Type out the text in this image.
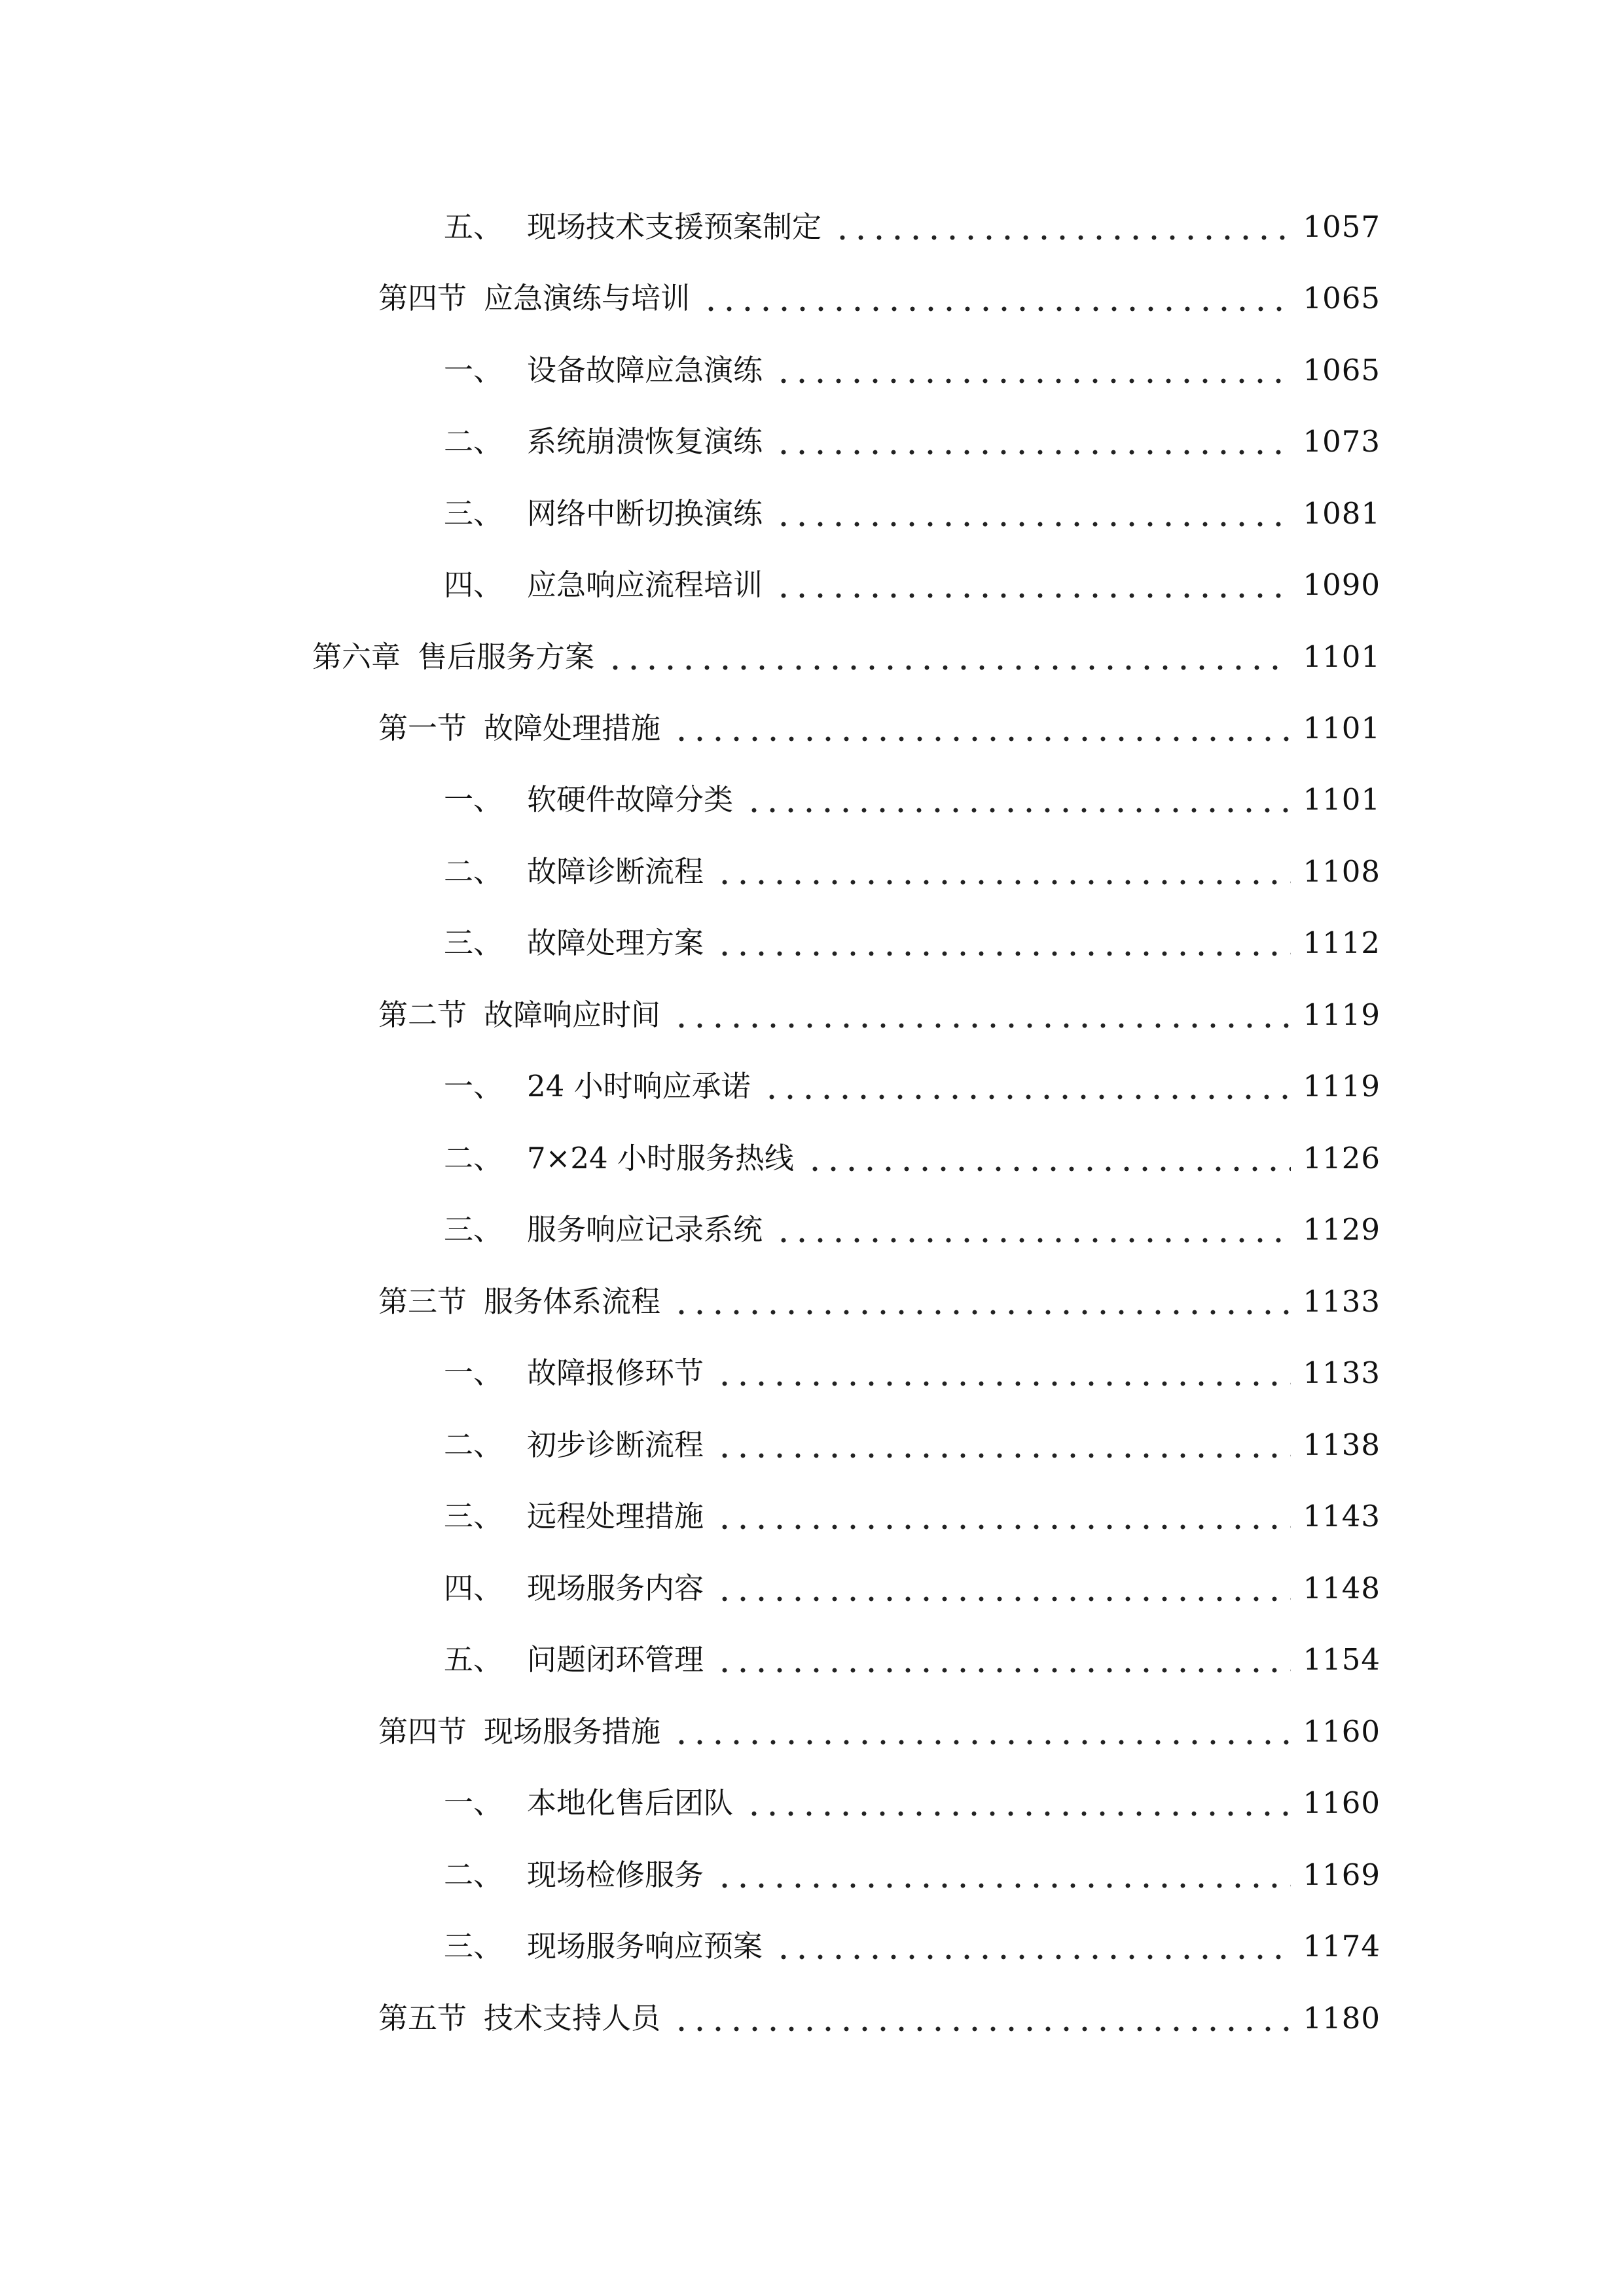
五、 现场技术支援预案制定	1057
第四节 应急演练与培训	1065
一、 设备故障应急演练	1065
二、 系统崩溃恢复演练	1073
三、 网络中断切换演练	1081
四、 应急响应流程培训	1090
第六章 售后服务方案	1101
第一节 故障处理措施	1101
一、 软硬件故障分类	1101
二、 故障诊断流程	1108
三、 故障处理方案	1112
第二节 故障响应时间	1119
一、 24 小时响应承诺	1119
二、 7×24 小时服务热线	1126
三、 服务响应记录系统	1129
第三节 服务体系流程	1133
一、 故障报修环节	1133
二、 初步诊断流程	1138
三、 远程处理措施	1143
四、 现场服务内容	1148
五、 问题闭环管理	1154
第四节 现场服务措施	1160
一、 本地化售后团队	1160
二、 现场检修服务	1169
三、 现场服务响应预案	1174
第五节 技术支持人员	1180
